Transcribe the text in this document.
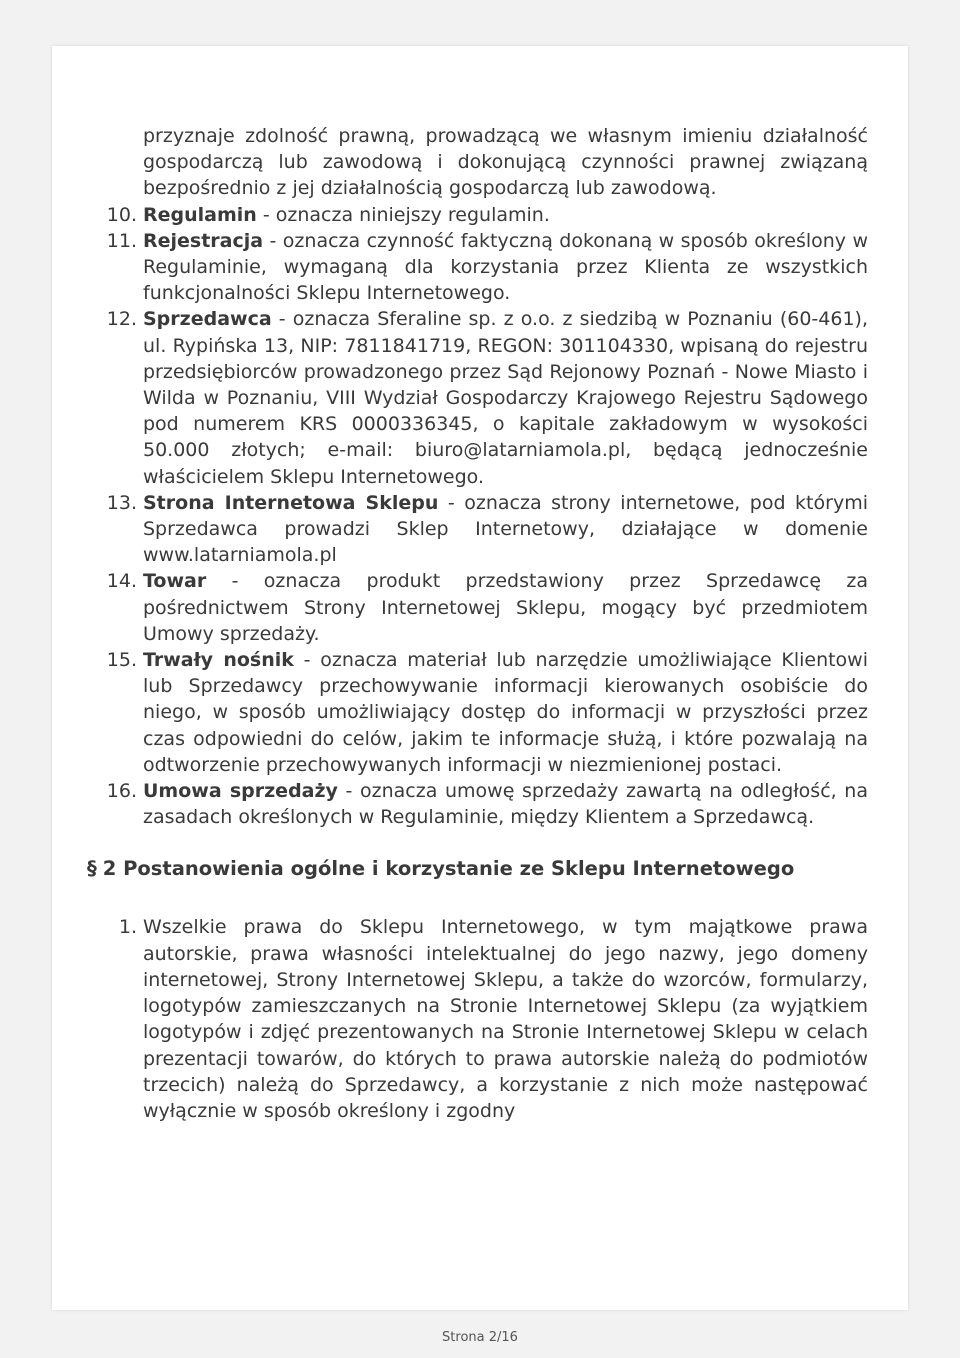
przyznaje zdolność prawną, prowadzącą we własnym imieniu działalność gospodarczą lub zawodową i dokonującą czynności prawnej związaną bezpośrednio z jej działalnością gospodarczą lub zawodową.
10. Regulamin - oznacza niniejszy regulamin.
11. Rejestracja - oznacza czynność faktyczną dokonaną w sposób określony w Regulaminie, wymaganą dla korzystania przez Klienta ze wszystkich funkcjonalności Sklepu Internetowego.
12. Sprzedawca - oznacza Sferaline sp. z o.o. z siedzibą w Poznaniu (60-461), ul. Rypińska 13, NIP: 7811841719, REGON: 301104330, wpisaną do rejestru przedsiębiorców prowadzonego przez Sąd Rejonowy Poznań - Nowe Miasto i Wilda w Poznaniu, VIII Wydział Gospodarczy Krajowego Rejestru Sądowego pod numerem KRS 0000336345, o kapitale zakładowym w wysokości 50.000 złotych; e-mail: biuro@latarniamola.pl, będącą jednocześnie właścicielem Sklepu Internetowego.
13. Strona Internetowa Sklepu - oznacza strony internetowe, pod którymi Sprzedawca prowadzi Sklep Internetowy, działające w domenie www.latarniamola.pl
14. Towar - oznacza produkt przedstawiony przez Sprzedawcę za pośrednictwem Strony Internetowej Sklepu, mogący być przedmiotem Umowy sprzedaży.
15. Trwały nośnik - oznacza materiał lub narzędzie umożliwiające Klientowi lub Sprzedawcy przechowywanie informacji kierowanych osobiście do niego, w sposób umożliwiający dostęp do informacji w przyszłości przez czas odpowiedni do celów, jakim te informacje służą, i które pozwalają na odtworzenie przechowywanych informacji w niezmienionej postaci.
16. Umowa sprzedaży - oznacza umowę sprzedaży zawartą na odległość, na zasadach określonych w Regulaminie, między Klientem a Sprzedawcą.
§ 2 Postanowienia ogólne i korzystanie ze Sklepu Internetowego
1. Wszelkie prawa do Sklepu Internetowego, w tym majątkowe prawa autorskie, prawa własności intelektualnej do jego nazwy, jego domeny internetowej, Strony Internetowej Sklepu, a także do wzorców, formularzy, logotypów zamieszczanych na Stronie Internetowej Sklepu (za wyjątkiem logotypów i zdjęć prezentowanych na Stronie Internetowej Sklepu w celach prezentacji towarów, do których to prawa autorskie należą do podmiotów trzecich) należą do Sprzedawcy, a korzystanie z nich może następować wyłącznie w sposób określony i zgodny
Strona 2/16
